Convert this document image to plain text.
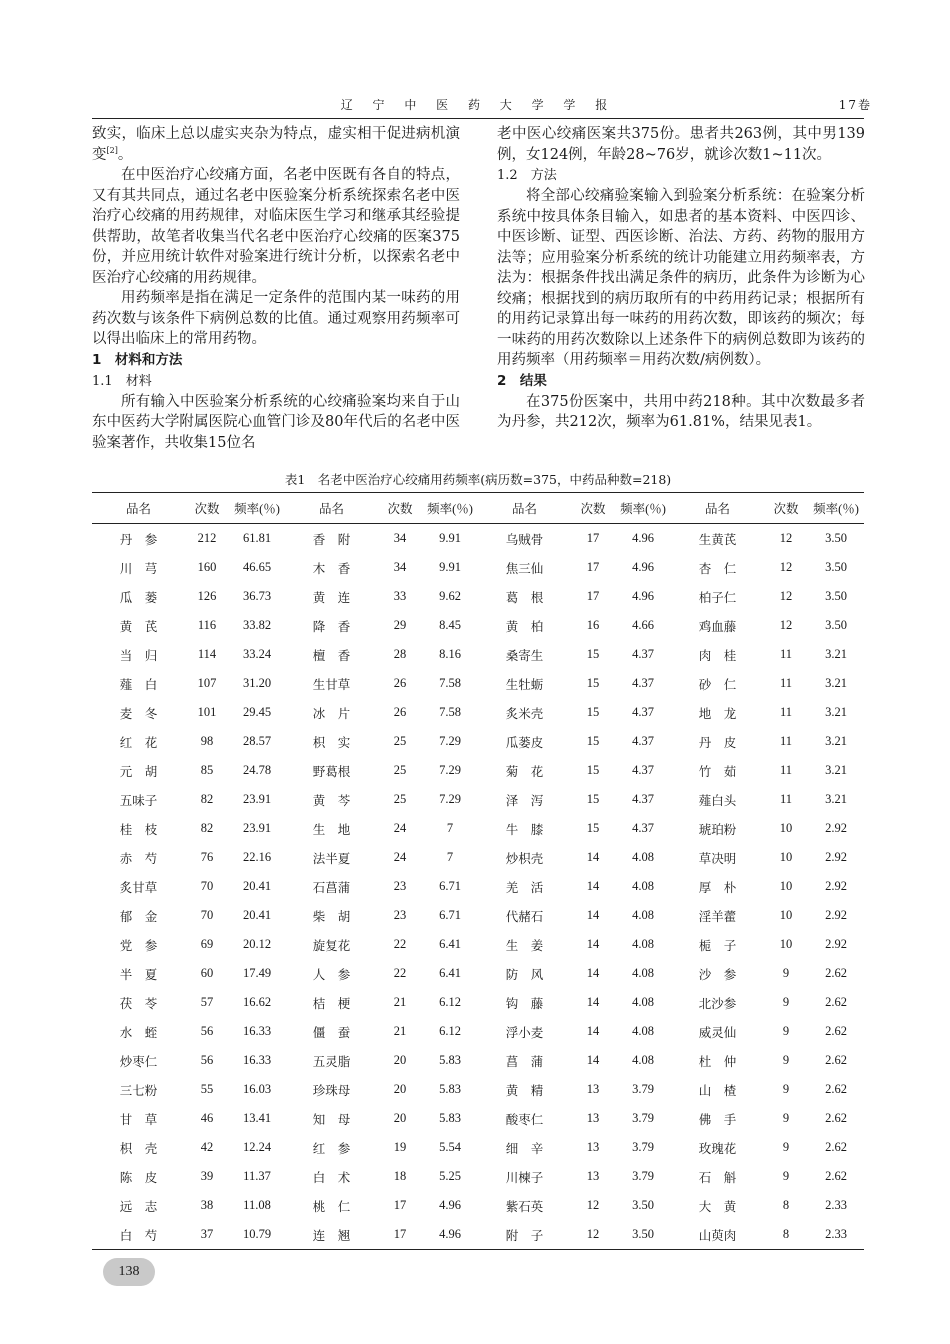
辽 宁 中 医 药 大 学 学 报	17卷

致实，临床上总以虚实夹杂为特点，虚实相干促进病机演变[2]。

在中医治疗心绞痛方面，名老中医既有各自的特点，又有其共同点，通过名老中医验案分析系统探索名老中医治疗心绞痛的用药规律，对临床医生学习和继承其经验提供帮助，故笔者收集当代名老中医治疗心绞痛的医案375份，并应用统计软件对验案进行统计分析，以探索名老中医治疗心绞痛的用药规律。

用药频率是指在满足一定条件的范围内某一味药的用药次数与该条件下病例总数的比值。通过观察用药频率可以得出临床上的常用药物。

1　 材料和方法

1.1　 材料

所有输入中医验案分析系统的心绞痛验案均来自于山东中医药大学附属医院心血管门诊及80年代后的名老中医验案著作，共收集15位名

老中医心绞痛医案共375份。患者共263例，其中男139例，女124例，年龄28~76岁，就诊次数1~11次。

1.2　 方法

将全部心绞痛验案输入到验案分析系统：在验案分析系统中按具体条目输入，如患者的基本资料、中医四诊、中医诊断、证型、西医诊断、治法、方药、药物的服用方法等；应用验案分析系统的统计功能建立用药频率表，方法为：根据条件找出满足条件的病历，此条件为诊断为心绞痛；根据找到的病历取所有的中药用药记录；根据所有的用药记录算出每一味药的用药次数，即该药的频次；每一味药的用药次数除以上述条件下的病例总数即为该药的用药频率（用药频率＝用药次数/病例数）。

2　 结果

在375份医案中，共用中药218种。其中次数最多者为丹参，共212次，频率为61.81%，结果见表1。

表1　名老中医治疗心绞痛用药频率(病历数=375，中药品种数=218)
品名	次数	频率(％)	品名	次数	频率(％)	品名	次数	频率(％)	品名	次数	频率(％)
丹　参	212	61.81	香　附	34	9.91	乌贼骨	17	4.96	生黄芪	12	3.50
川　芎	160	46.65	木　香	34	9.91	焦三仙	17	4.96	杏　仁	12	3.50
瓜　蒌	126	36.73	黄　连	33	9.62	葛　根	17	4.96	柏子仁	12	3.50
黄　芪	116	33.82	降　香	29	8.45	黄　柏	16	4.66	鸡血藤	12	3.50
当　归	114	33.24	檀　香	28	8.16	桑寄生	15	4.37	肉　桂	11	3.21
薤　白	107	31.20	生甘草	26	7.58	生牡蛎	15	4.37	砂　仁	11	3.21
麦　冬	101	29.45	冰　片	26	7.58	炙米壳	15	4.37	地　龙	11	3.21
红　花	98	28.57	枳　实	25	7.29	瓜蒌皮	15	4.37	丹　皮	11	3.21
元　胡	85	24.78	野葛根	25	7.29	菊　花	15	4.37	竹　茹	11	3.21
五味子	82	23.91	黄　芩	25	7.29	泽　泻	15	4.37	薤白头	11	3.21
桂　枝	82	23.91	生　地	24	7	牛　膝	15	4.37	琥珀粉	10	2.92
赤　芍	76	22.16	法半夏	24	7	炒枳壳	14	4.08	草决明	10	2.92
炙甘草	70	20.41	石菖蒲	23	6.71	羌　活	14	4.08	厚　朴	10	2.92
郁　金	70	20.41	柴　胡	23	6.71	代赭石	14	4.08	淫羊藿	10	2.92
党　参	69	20.12	旋复花	22	6.41	生　姜	14	4.08	栀　子	10	2.92
半　夏	60	17.49	人　参	22	6.41	防　风	14	4.08	沙　参	9	2.62
茯　苓	57	16.62	桔　梗	21	6.12	钩　藤	14	4.08	北沙参	9	2.62
水　蛭	56	16.33	僵　蚕	21	6.12	浮小麦	14	4.08	威灵仙	9	2.62
炒枣仁	56	16.33	五灵脂	20	5.83	菖　蒲	14	4.08	杜　仲	9	2.62
三七粉	55	16.03	珍珠母	20	5.83	黄　精	13	3.79	山　楂	9	2.62
甘　草	46	13.41	知　母	20	5.83	酸枣仁	13	3.79	佛　手	9	2.62
枳　壳	42	12.24	红　参	19	5.54	细　辛	13	3.79	玫瑰花	9	2.62
陈　皮	39	11.37	白　术	18	5.25	川楝子	13	3.79	石　斛	9	2.62
远　志	38	11.08	桃　仁	17	4.96	紫石英	12	3.50	大　黄	8	2.33
白　芍	37	10.79	连　翘	17	4.96	附　子	12	3.50	山萸肉	8	2.33
138
